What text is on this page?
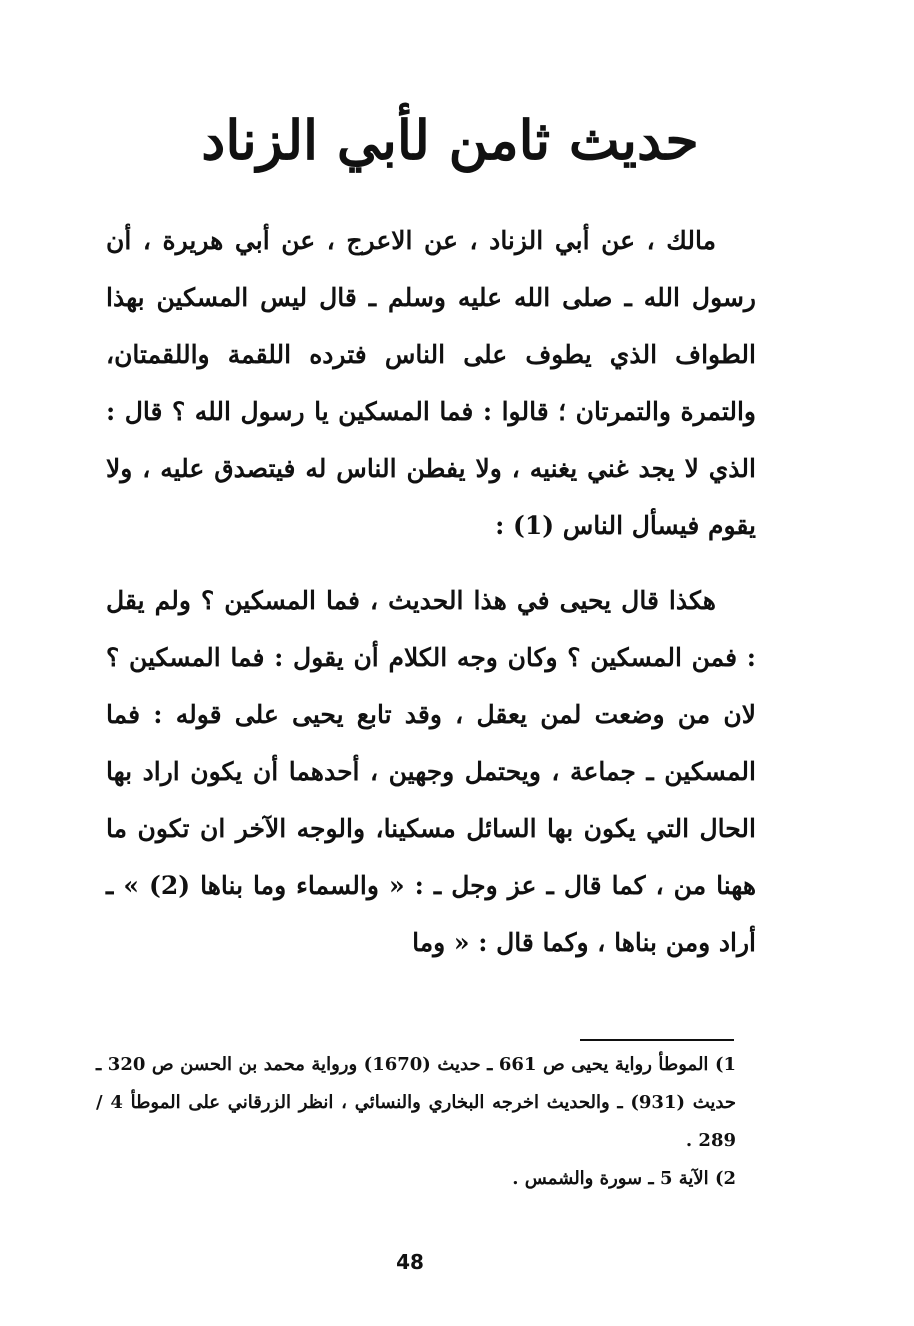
حديث ثامن لأبي الزناد

مالك ، عن أبي الزناد ، عن الاعرج ، عن أبي هريرة ، أن رسول الله ـ صلى الله عليه وسلم ـ قال ليس المسكين بهذا الطواف الذي يطوف على الناس فترده اللقمة واللقمتان، والتمرة والتمرتان ؛ قالوا : فما المسكين يا رسول الله ؟ قال : الذي لا يجد غني يغنيه ، ولا يفطن الناس له فيتصدق عليه ، ولا يقوم فيسأل الناس (1) :

هكذا قال يحيى في هذا الحديث ، فما المسكين ؟ ولم يقل : فمن المسكين ؟ وكان وجه الكلام أن يقول : فما المسكين ؟ لان من وضعت لمن يعقل ، وقد تابع يحيى على قوله : فما المسكين ـ جماعة ، ويحتمل وجهين ، أحدهما أن يكون اراد بها الحال التي يكون بها السائل مسكينا، والوجه الآخر ان تكون ما ههنا من ، كما قال ـ عز وجل ـ : « والسماء وما بناها (2) » ـ أراد ومن بناها ، وكما قال : « وما

1) الموطأ رواية يحيى ص 661 ـ حديث (1670) ورواية محمد بن الحسن ص 320 ـ حديث (931) ـ والحديث اخرجه البخاري والنسائي ، انظر الزرقاني على الموطأ 4 / 289 .

2) الآية 5 ـ سورة والشمس .

48
